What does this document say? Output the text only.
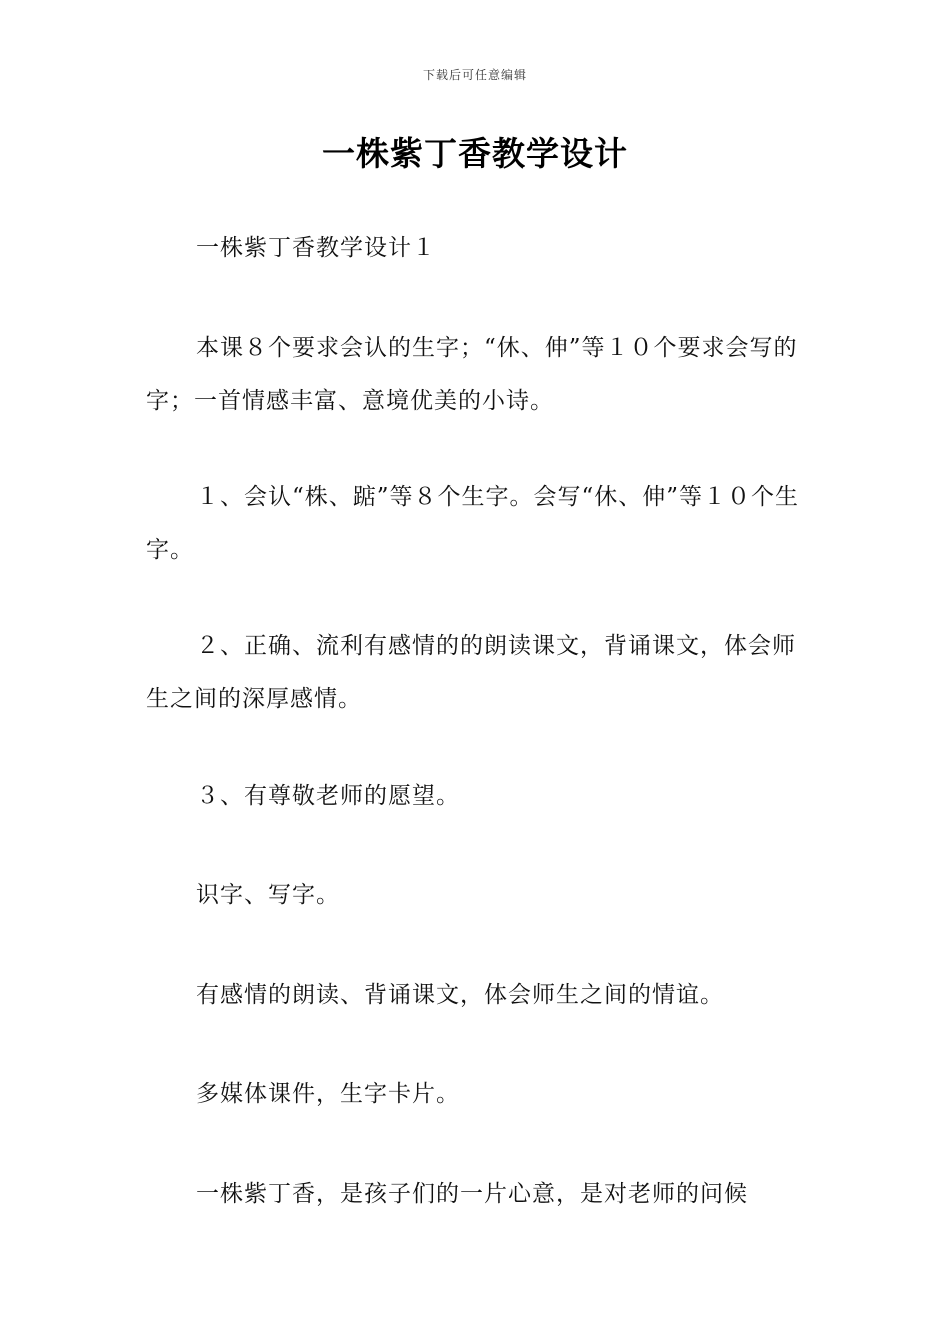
下载后可任意编辑
一株紫丁香教学设计

一株紫丁香教学设计１

本课８个要求会认的生字；“休、伸”等１０个要求会写的字；一首情感丰富、意境优美的小诗。

１、会认“株、踮”等８个生字。会写“休、伸”等１０个生字。

２、正确、流利有感情的的朗读课文，背诵课文，体会师生之间的深厚感情。

３、有尊敬老师的愿望。

识字、写字。

有感情的朗读、背诵课文，体会师生之间的情谊。

多媒体课件，生字卡片。

一株紫丁香，是孩子们的一片心意，是对老师的问候
